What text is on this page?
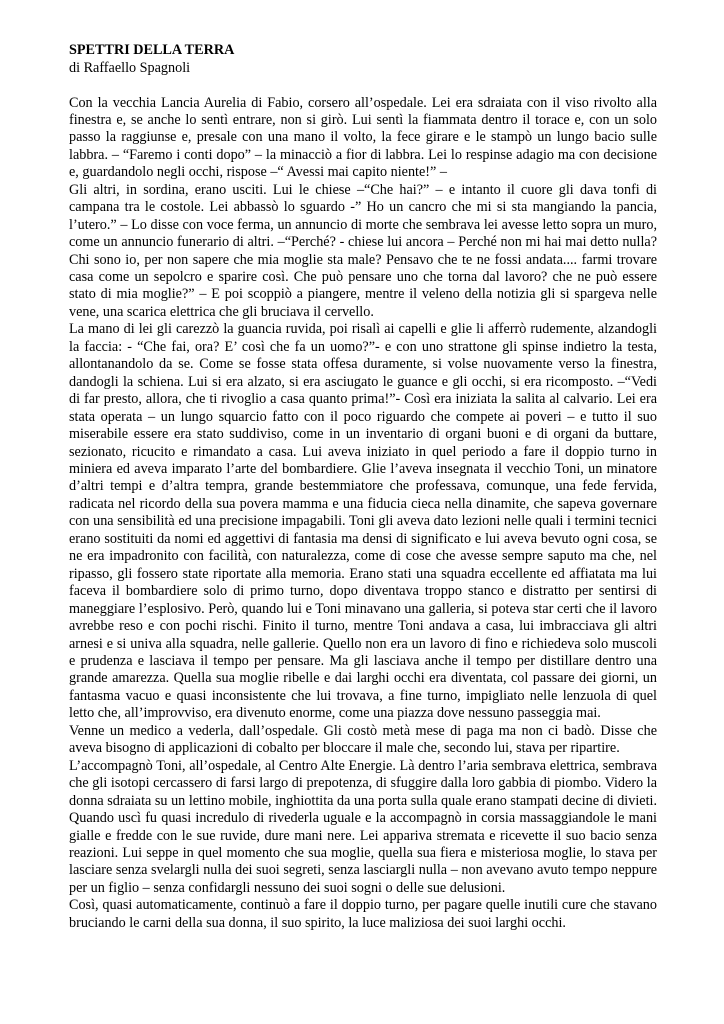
SPETTRI DELLA TERRA

di Raffaello Spagnoli

Con la vecchia Lancia Aurelia di Fabio, corsero all’ospedale. Lei era sdraiata con il viso rivolto alla finestra e, se anche lo sentì entrare, non si girò. Lui sentì la fiammata dentro il torace e, con un solo passo la raggiunse e, presale con una mano il volto, la fece girare e le stampò un lungo bacio sulle labbra. – “Faremo i conti dopo” – la minacciò a fior di labbra. Lei lo respinse adagio ma con decisione e, guardandolo negli occhi, rispose –“ Avessi mai capito niente!” –

Gli altri, in sordina, erano usciti. Lui le chiese –“Che hai?” – e intanto il cuore gli dava tonfi di campana tra le costole. Lei abbassò lo sguardo -” Ho un cancro che mi si sta mangiando la pancia, l’utero.” – Lo disse con voce ferma, un annuncio di morte che sembrava lei avesse letto sopra un muro, come un annuncio funerario di altri. –“Perché? - chiese lui ancora – Perché non mi hai mai detto nulla? Chi sono io, per non sapere che mia moglie sta male? Pensavo che te ne fossi andata.... farmi trovare casa come un sepolcro e sparire così. Che può pensare uno che torna dal lavoro? che ne può essere stato di mia moglie?” – E poi scoppiò a piangere, mentre il veleno della notizia gli si spargeva nelle vene, una scarica elettrica che gli bruciava il cervello.

La mano di lei gli carezzò la guancia ruvida, poi risalì ai capelli e glie li afferrò rudemente, alzandogli la faccia: - “Che fai, ora? E’ così che fa un uomo?”- e con uno strattone gli spinse indietro la testa, allontanandolo da se. Come se fosse stata offesa duramente, si volse nuovamente verso la finestra, dandogli la schiena. Lui si era alzato, si era asciugato le guance e gli occhi, si era ricomposto. –“Vedi di far presto, allora, che ti rivoglio a casa quanto prima!”- Così era iniziata la salita al calvario. Lei era stata operata – un lungo squarcio fatto con il poco riguardo che compete ai poveri – e tutto il suo miserabile essere era stato suddiviso, come in un inventario di organi buoni e di organi da buttare, sezionato, ricucito e rimandato a casa. Lui aveva iniziato in quel periodo a fare il doppio turno in miniera ed aveva imparato l’arte del bombardiere. Glie l’aveva insegnata il vecchio Toni, un minatore d’altri tempi e d’altra tempra, grande bestemmiatore che professava, comunque, una fede fervida, radicata nel ricordo della sua povera mamma e una fiducia cieca nella dinamite, che sapeva governare con una sensibilità ed una precisione impagabili. Toni gli aveva dato lezioni nelle quali i termini tecnici erano sostituiti da nomi ed aggettivi di fantasia ma densi di significato e lui aveva bevuto ogni cosa, se ne era impadronito con facilità, con naturalezza, come di cose che avesse sempre saputo ma che, nel ripasso, gli fossero state riportate alla memoria. Erano stati una squadra eccellente ed affiatata ma lui faceva il bombardiere solo di primo turno, dopo diventava troppo stanco e distratto per sentirsi di maneggiare l’esplosivo. Però, quando lui e Toni minavano una galleria, si poteva star certi che il lavoro avrebbe reso e con pochi rischi. Finito il turno, mentre Toni andava a casa, lui imbracciava gli altri arnesi e si univa alla squadra, nelle gallerie. Quello non era un lavoro di fino e richiedeva solo muscoli e prudenza e lasciava il tempo per pensare. Ma gli lasciava anche il tempo per distillare dentro una grande amarezza. Quella sua moglie ribelle e dai larghi occhi era diventata, col passare dei giorni, un fantasma vacuo e quasi inconsistente che lui trovava, a fine turno, impigliato nelle lenzuola di quel letto che, all’improvviso, era divenuto enorme, come una piazza dove nessuno passeggia mai.

Venne un medico a vederla, dall’ospedale. Gli costò metà mese di paga ma non ci badò. Disse che aveva bisogno di applicazioni di cobalto per bloccare il male che, secondo lui, stava per ripartire.

L’accompagnò Toni, all’ospedale, al Centro Alte Energie. Là dentro l’aria sembrava elettrica, sembrava che gli isotopi cercassero di farsi largo di prepotenza, di sfuggire dalla loro gabbia di piombo. Videro la donna sdraiata su un lettino mobile, inghiottita da una porta sulla quale erano stampati decine di divieti. Quando uscì fu quasi incredulo di rivederla uguale e la accompagnò in corsia massaggiandole le mani gialle e fredde con le sue ruvide, dure mani nere. Lei appariva stremata e ricevette il suo bacio senza reazioni. Lui seppe in quel momento che sua moglie, quella sua fiera e misteriosa moglie, lo stava per lasciare senza svelargli nulla dei suoi segreti, senza lasciargli nulla – non avevano avuto tempo neppure per un figlio – senza confidargli nessuno dei suoi sogni o delle sue delusioni.

Così, quasi automaticamente, continuò a fare il doppio turno, per pagare quelle inutili cure che stavano bruciando le carni della sua donna, il suo spirito, la luce maliziosa dei suoi larghi occhi.
